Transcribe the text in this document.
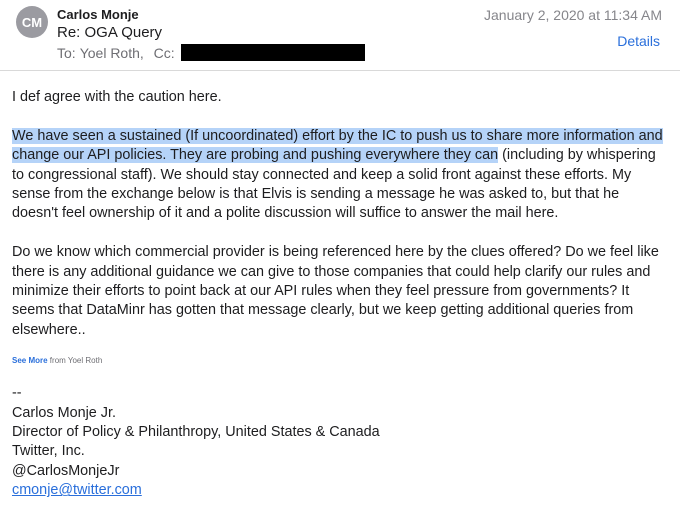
CM	Carlos Monje
Re: OGA Query
To: Yoel Roth, Cc:
January 2, 2020 at 11:34 AM
Details

I def agree with the caution here.

We have seen a sustained (If uncoordinated) effort by the IC to push us to share more information and change our API policies. They are probing and pushing everywhere they can (including by whispering to congressional staff). We should stay connected and keep a solid front against these efforts. My sense from the exchange below is that Elvis is sending a message he was asked to, but that he doesn't feel ownership of it and a polite discussion will suffice to answer the mail here.

Do we know which commercial provider is being referenced here by the clues offered? Do we feel like there is any additional guidance we can give to those companies that could help clarify our rules and minimize their efforts to point back at our API rules when they feel pressure from governments? It seems that DataMinr has gotten that message clearly, but we keep getting additional queries from elsewhere..

See More from Yoel Roth

--
Carlos Monje Jr.
Director of Policy & Philanthropy, United States & Canada
Twitter, Inc.
@CarlosMonjeJr
cmonje@twitter.com
